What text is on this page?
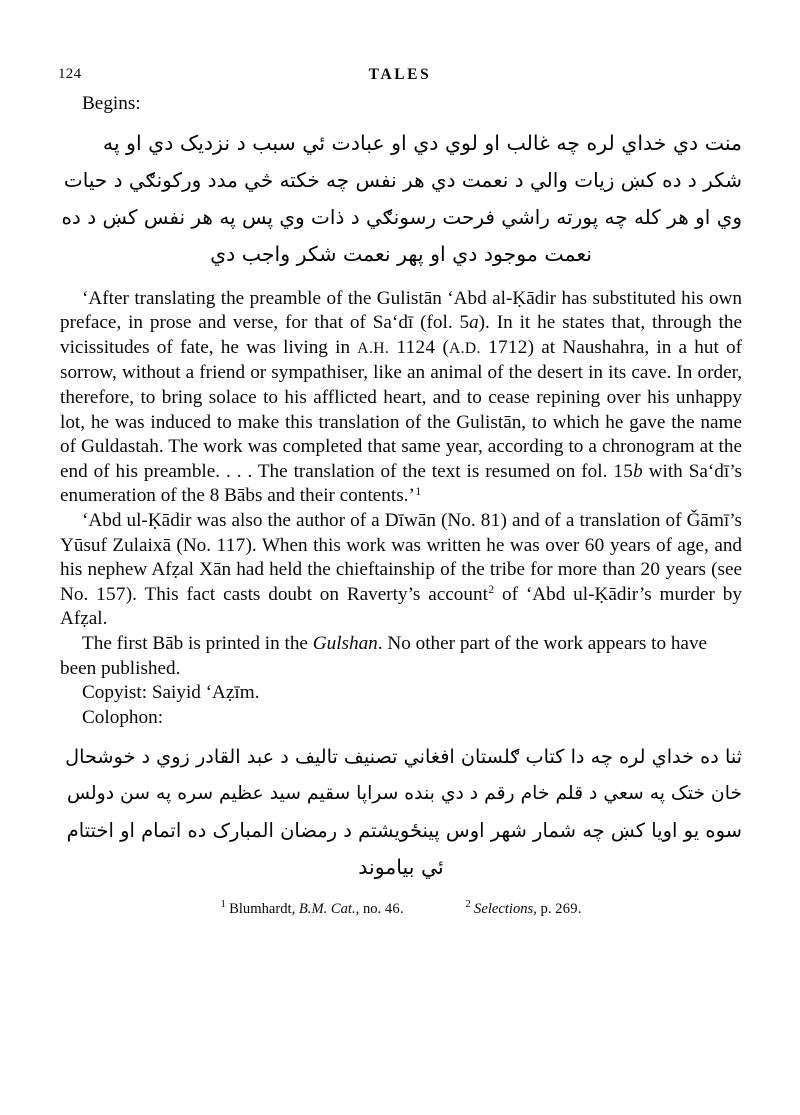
124	TALES
Begins:
منت دي خداي لره چه غالب او لوي دي او عبادت ئي سبب د نزديک دي او په
شکر د ده کښ زيات والي د نعمت دي هر نفس چه خکته څي مدد ورکونګي د حيات
وي او هر کله چه پورته راشي فرحت رسونګي د ذات وي پس په هر نفس کښ د ده
نعمت موجود دي او پهر نعمت شکر واجب دي

‘After translating the preamble of the Gulistān ‘Abd al-Ḳādir has substituted his own preface, in prose and verse, for that of Sa‘dī (fol. 5a). In it he states that, through the vicissitudes of fate, he was living in A.H. 1124 (A.D. 1712) at Naushahra, in a hut of sorrow, without a friend or sympathiser, like an animal of the desert in its cave. In order, therefore, to bring solace to his afflicted heart, and to cease repining over his unhappy lot, he was induced to make this translation of the Gulistān, to which he gave the name of Guldastah. The work was completed that same year, according to a chronogram at the end of his preamble. . . . The translation of the text is resumed on fol. 15b with Sa‘dī’s enumeration of the 8 Bābs and their contents.’$^1$

‘Abd ul-Ḳādir was also the author of a Dīwān (No. 81) and of a translation of Ǧāmī’s Yūsuf Zulaixā (No. 117). When this work was written he was over 60 years of age, and his nephew Afẓal Xān had held the chieftainship of the tribe for more than 20 years (see No. 157). This fact casts doubt on Raverty’s account$^2$ of ‘Abd ul-Ḳādir’s murder by Afẓal.

The first Bāb is printed in the Gulshan. No other part of the work appears to have been published.

Copyist: Saiyid ‘Aẓīm.
Colophon:
ثنا ده خداي لره چه دا کتاب ګلستان افغاني تصنيف تاليف د عبد القادر زوي د خوشحال
خان ختک په سعي د قلم خام رقم د دي بنده سراپا سقيم سيد عظيم سره په سن دولس
سوه يو اويا کښ چه شمار شهر اوس پينځويشتم د رمضان المبارک ده اتمام او اختتام
ئي بياموند
$^1$ Blumhardt, B.M. Cat., no. 46.	$^2$ Selections, p. 269.
